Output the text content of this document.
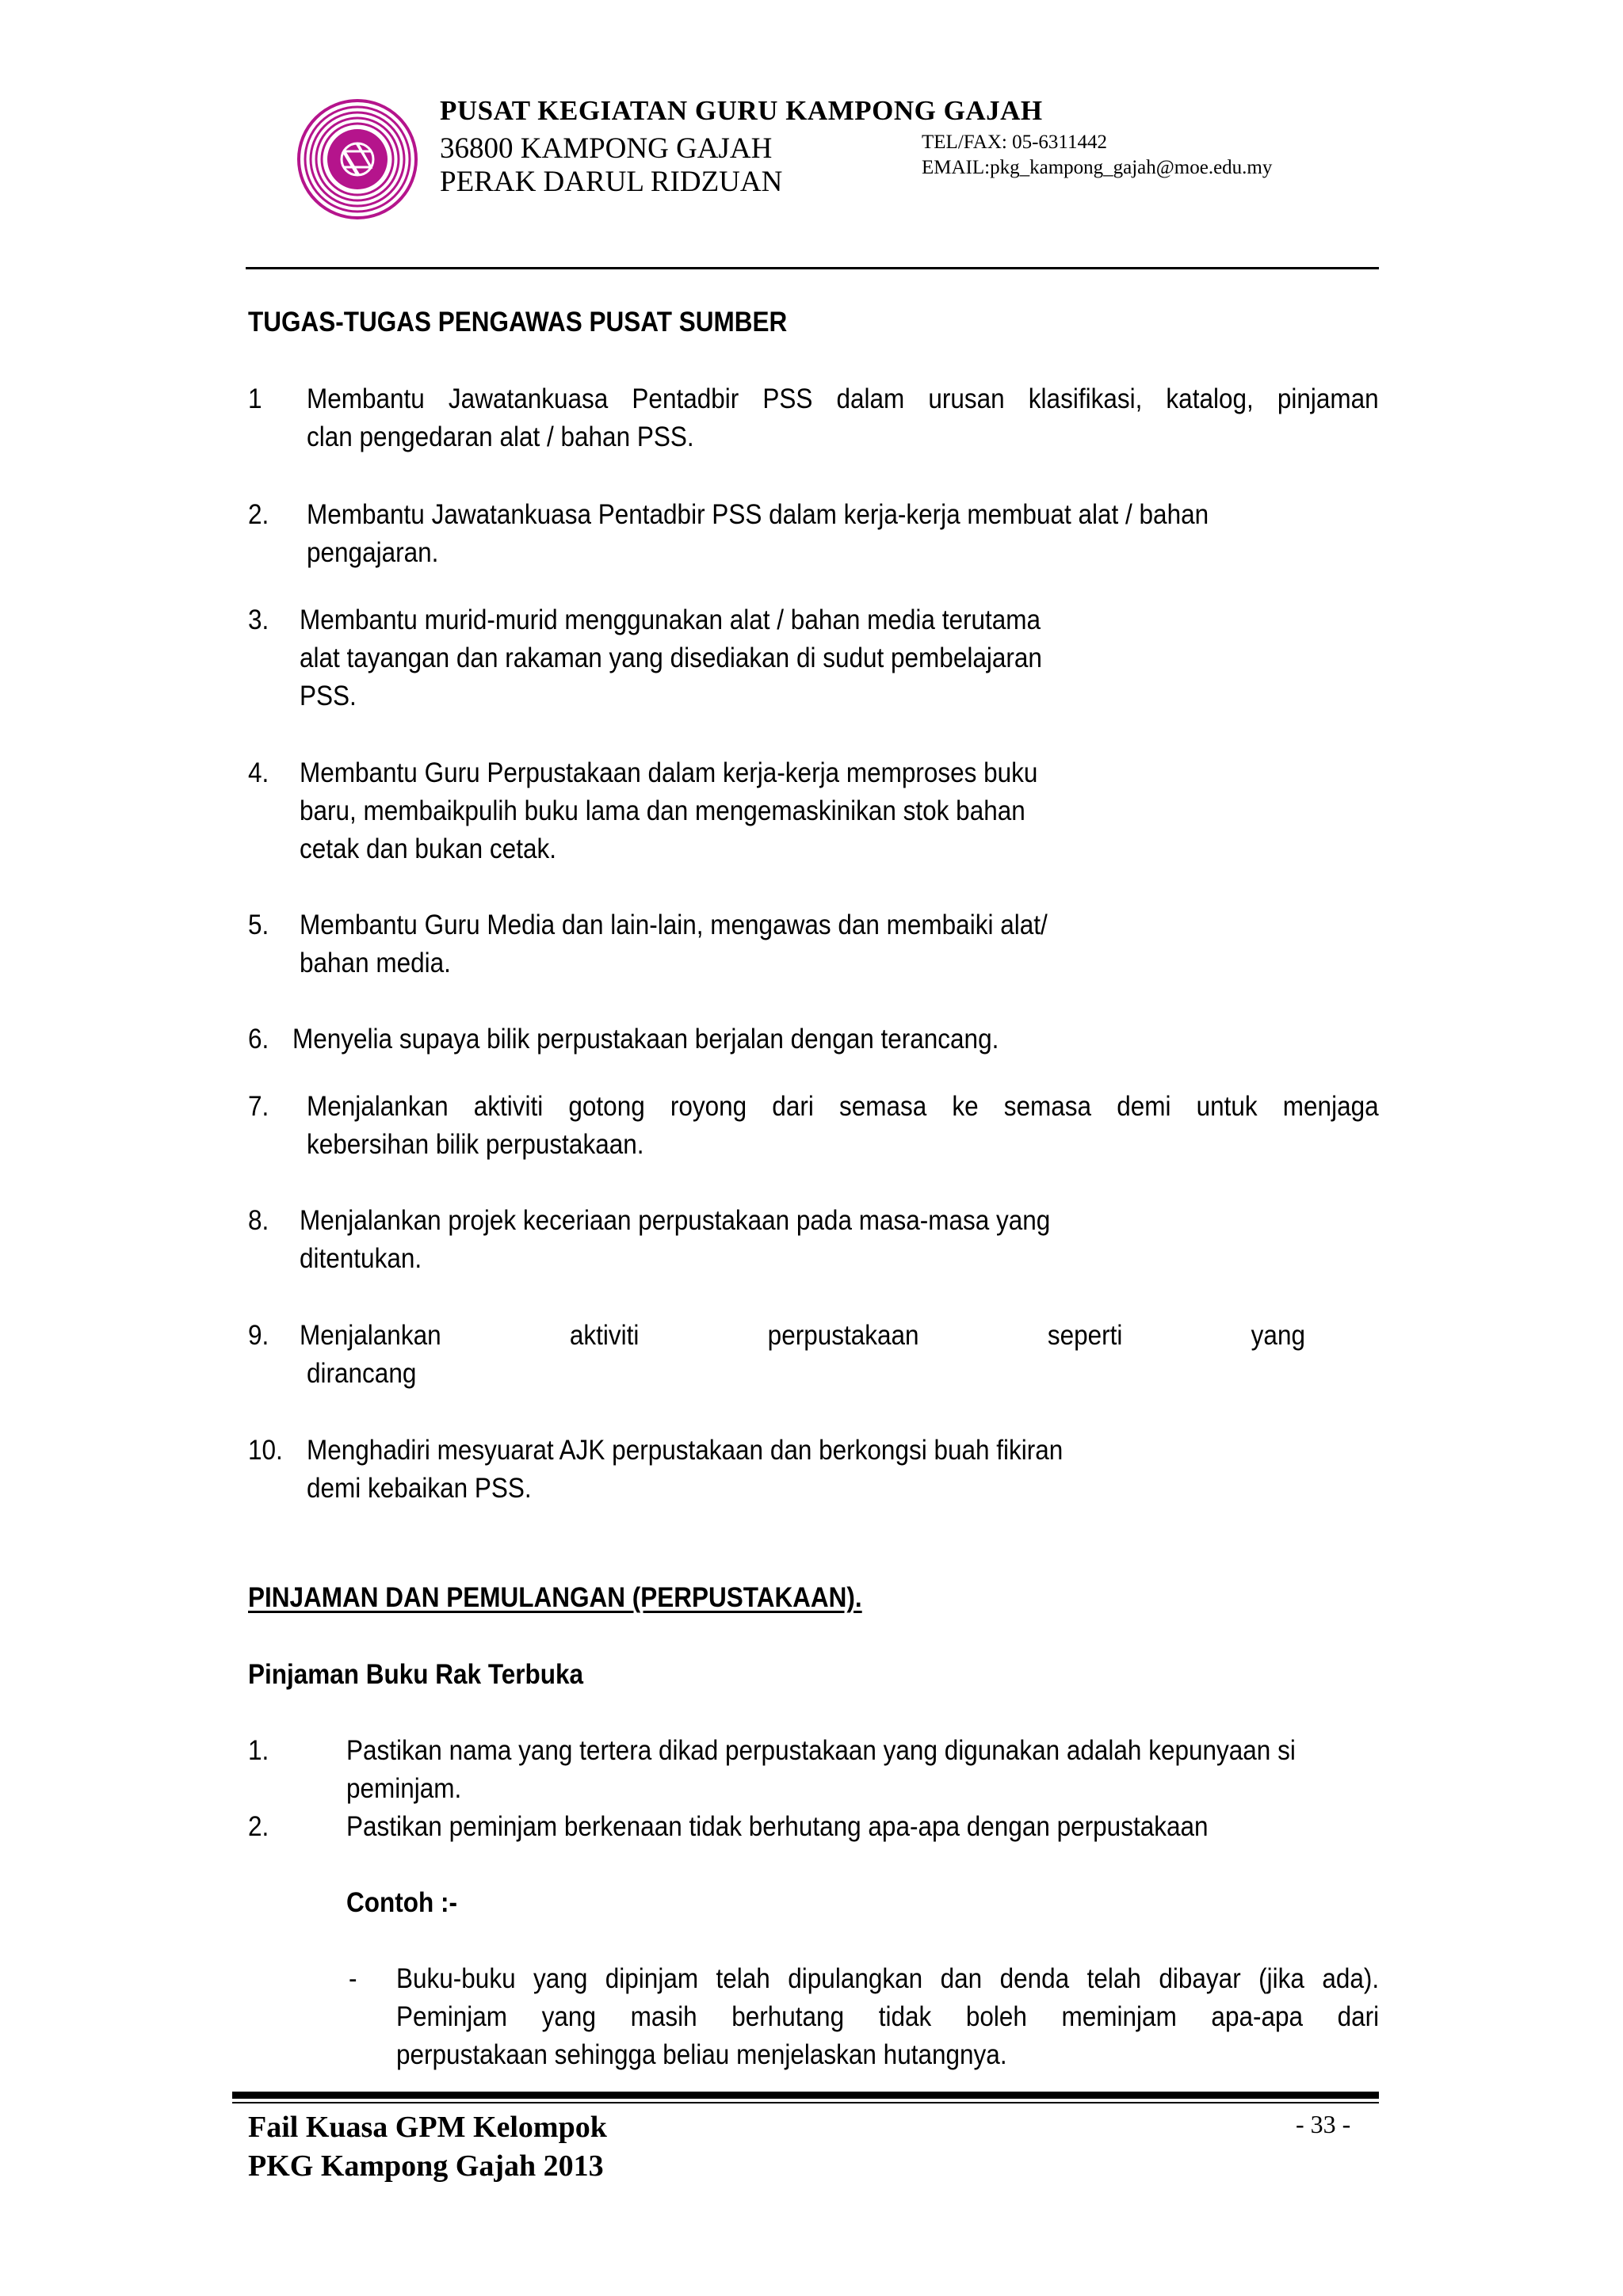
PUSAT KEGIATAN GURU KAMPONG GAJAH
36800 KAMPONG GAJAH
PERAK DARUL RIDZUAN
TEL/FAX: 05-6311442
EMAIL:pkg_kampong_gajah@moe.edu.my
TUGAS-TUGAS PENGAWAS PUSAT SUMBER
1 Membantu Jawatankuasa Pentadbir PSS dalam urusan klasifikasi, katalog, pinjaman
clan pengedaran alat / bahan PSS.
2. Membantu Jawatankuasa Pentadbir PSS dalam kerja-kerja membuat alat / bahan
pengajaran.
3. Membantu murid-murid menggunakan alat / bahan media terutama
alat tayangan dan rakaman yang disediakan di sudut pembelajaran
PSS.
4. Membantu Guru Perpustakaan dalam kerja-kerja memproses buku
baru, membaikpulih buku lama dan mengemaskinikan stok bahan
cetak dan bukan cetak.
5. Membantu Guru Media dan lain-lain, mengawas dan membaiki alat/
bahan media.
6. Menyelia supaya bilik perpustakaan berjalan dengan terancang.
7. Menjalankan aktiviti gotong royong dari semasa ke semasa demi untuk menjaga
kebersihan bilik perpustakaan.
8. Menjalankan projek keceriaan perpustakaan pada masa-masa yang
ditentukan.
9. Menjalankan	aktiviti	perpustakaan	seperti	yang
dirancang
10. Menghadiri mesyuarat AJK perpustakaan dan berkongsi buah fikiran
demi kebaikan PSS.
PINJAMAN DAN PEMULANGAN (PERPUSTAKAAN).
Pinjaman Buku Rak Terbuka
1.	Pastikan nama yang tertera dikad perpustakaan yang digunakan adalah kepunyaan si
peminjam.
2.	Pastikan peminjam berkenaan tidak berhutang apa-apa dengan perpustakaan
Contoh :-
- Buku-buku yang dipinjam telah dipulangkan dan denda telah dibayar (jika ada).
Peminjam yang masih berhutang tidak boleh meminjam apa-apa dari
perpustakaan sehingga beliau menjelaskan hutangnya.
Fail Kuasa GPM Kelompok
PKG Kampong Gajah 2013
- 33 -
